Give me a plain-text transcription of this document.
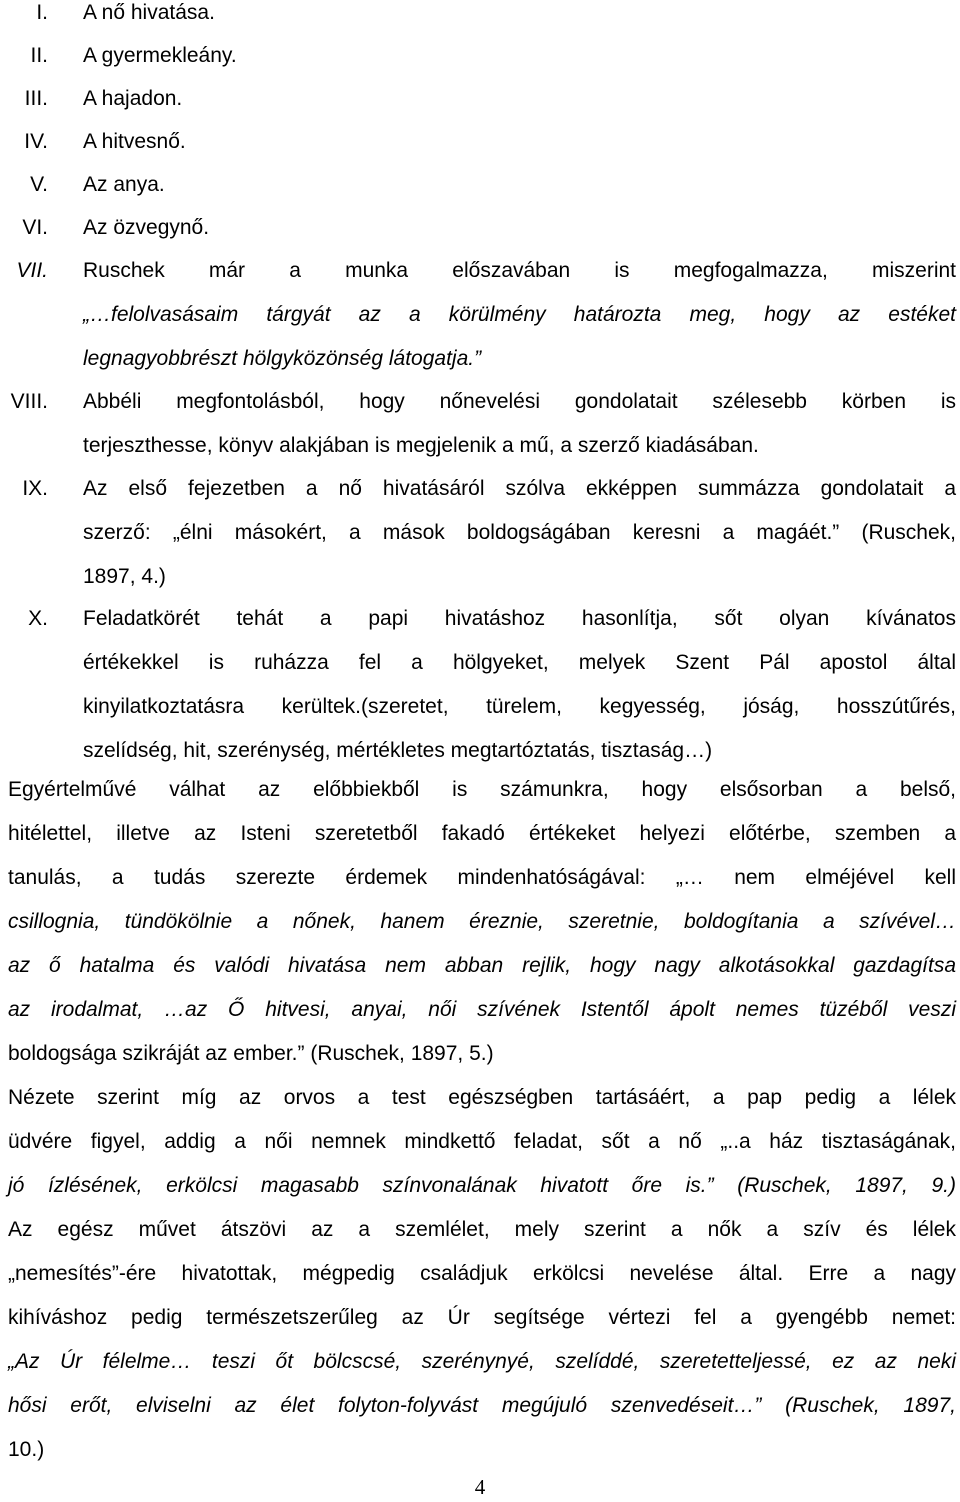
I. A nő hivatása.
II. A gyermekleány.
III. A hajadon.
IV. A hitvesnő.
V. Az anya.
VI. Az özvegynő.
VII. Ruschek már a munka előszavában is megfogalmazza, miszerint
„…felolvasásaim tárgyát az a körülmény határozta meg, hogy az estéket
legnagyobbrészt hölgyközönség látogatja.”
VIII. Abbéli megfontolásból, hogy nőnevelési gondolatait szélesebb körben is
terjeszthesse, könyv alakjában is megjelenik a mű, a szerző kiadásában.
IX. Az első fejezetben a nő hivatásáról szólva ekképpen summázza gondolatait a
szerző: „élni másokért, a mások boldogságában keresni a magáét.” (Ruschek,
1897, 4.)
X. Feladatkörét tehát a papi hivatáshoz hasonlítja, sőt olyan kívánatos
értékekkel is ruházza fel a hölgyeket, melyek Szent Pál apostol által
kinyilatkoztatásra kerültek.(szeretet, türelem, kegyesség, jóság, hosszútűrés,
szelídség, hit, szerénység, mértékletes megtartóztatás, tisztaság…)
Egyértelművé válhat az előbbiekből is számunkra, hogy elsősorban a belső,
hitélettel, illetve az Isteni szeretetből fakadó értékeket helyezi előtérbe, szemben a
tanulás, a tudás szerezte érdemek mindenhatóságával: „… nem elméjével kell
csillognia, tündökölnie a nőnek, hanem éreznie, szeretnie, boldogítania a szívével…
az ő hatalma és valódi hivatása nem abban rejlik, hogy nagy alkotásokkal gazdagítsa
az irodalmat, …az Ő hitvesi, anyai, női szívének Istentől ápolt nemes tüzéből veszi
boldogsága szikráját az ember.” (Ruschek, 1897, 5.)
Nézete szerint míg az orvos a test egészségben tartásáért, a pap pedig a lélek
üdvére figyel, addig a női nemnek mindkettő feladat, sőt a nő „..a ház tisztaságának,
jó ízlésének, erkölcsi magasabb színvonalának hivatott őre is.” (Ruschek, 1897, 9.)
Az egész művet átszövi az a szemlélet, mely szerint a nők a szív és lélek
„nemesítés”-ére hivatottak, mégpedig családjuk erkölcsi nevelése által. Erre a nagy
kihíváshoz pedig természetszerűleg az Úr segítsége vértezi fel a gyengébb nemet:
„Az Úr félelme… teszi őt bölcscsé, szerénynyé, szelíddé, szeretetteljessé, ez az neki
hősi erőt, elviselni az élet folyton-folyvást megújuló szenvedéseit…” (Ruschek, 1897,
10.)
4
